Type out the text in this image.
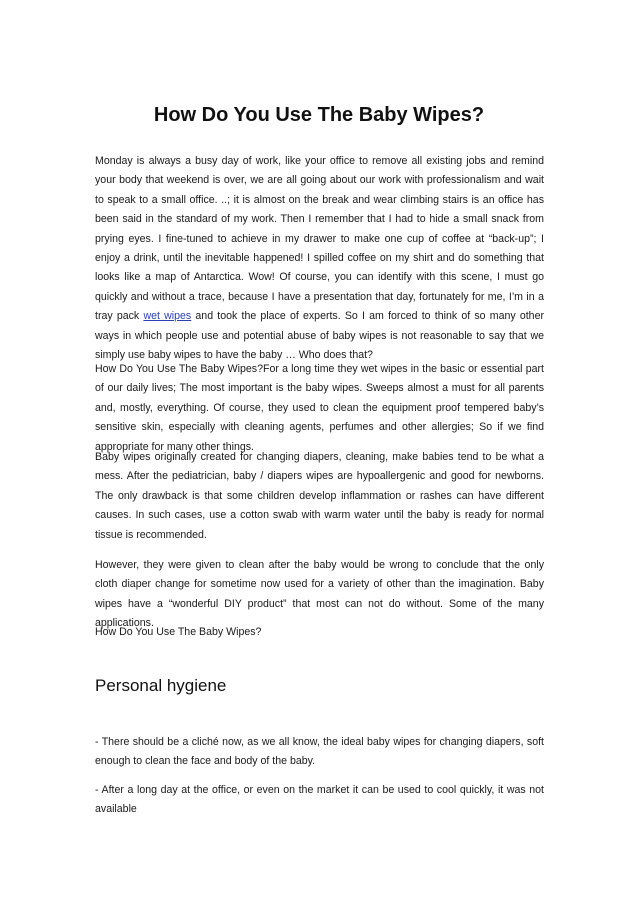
How Do You Use The Baby Wipes?

Monday is always a busy day of work, like your office to remove all existing jobs and remind your body that weekend is over, we are all going about our work with professionalism and wait to speak to a small office. ..; it is almost on the break and wear climbing stairs is an office has been said in the standard of my work. Then I remember that I had to hide a small snack from prying eyes. I fine-tuned to achieve in my drawer to make one cup of coffee at “back-up”; I enjoy a drink, until the inevitable happened! I spilled coffee on my shirt and do something that looks like a map of Antarctica. Wow! Of course, you can identify with this scene, I must go quickly and without a trace, because I have a presentation that day, fortunately for me, I’m in a tray pack wet wipes and took the place of experts. So I am forced to think of so many other ways in which people use and potential abuse of baby wipes is not reasonable to say that we simply use baby wipes to have the baby … Who does that?

How Do You Use The Baby Wipes?For a long time they wet wipes in the basic or essential part of our daily lives; The most important is the baby wipes. Sweeps almost a must for all parents and, mostly, everything. Of course, they used to clean the equipment proof tempered baby’s sensitive skin, especially with cleaning agents, perfumes and other allergies; So if we find appropriate for many other things.

Baby wipes originally created for changing diapers, cleaning, make babies tend to be what a mess. After the pediatrician, baby / diapers wipes are hypoallergenic and good for newborns. The only drawback is that some children develop inflammation or rashes can have different causes. In such cases, use a cotton swab with warm water until the baby is ready for normal tissue is recommended.

However, they were given to clean after the baby would be wrong to conclude that the only cloth diaper change for sometime now used for a variety of other than the imagination. Baby wipes have a “wonderful DIY product” that most can not do without. Some of the many applications.

How Do You Use The Baby Wipes?

Personal hygiene

- There should be a cliché now, as we all know, the ideal baby wipes for changing diapers, soft enough to clean the face and body of the baby.

- After a long day at the office, or even on the market it can be used to cool quickly, it was not available
